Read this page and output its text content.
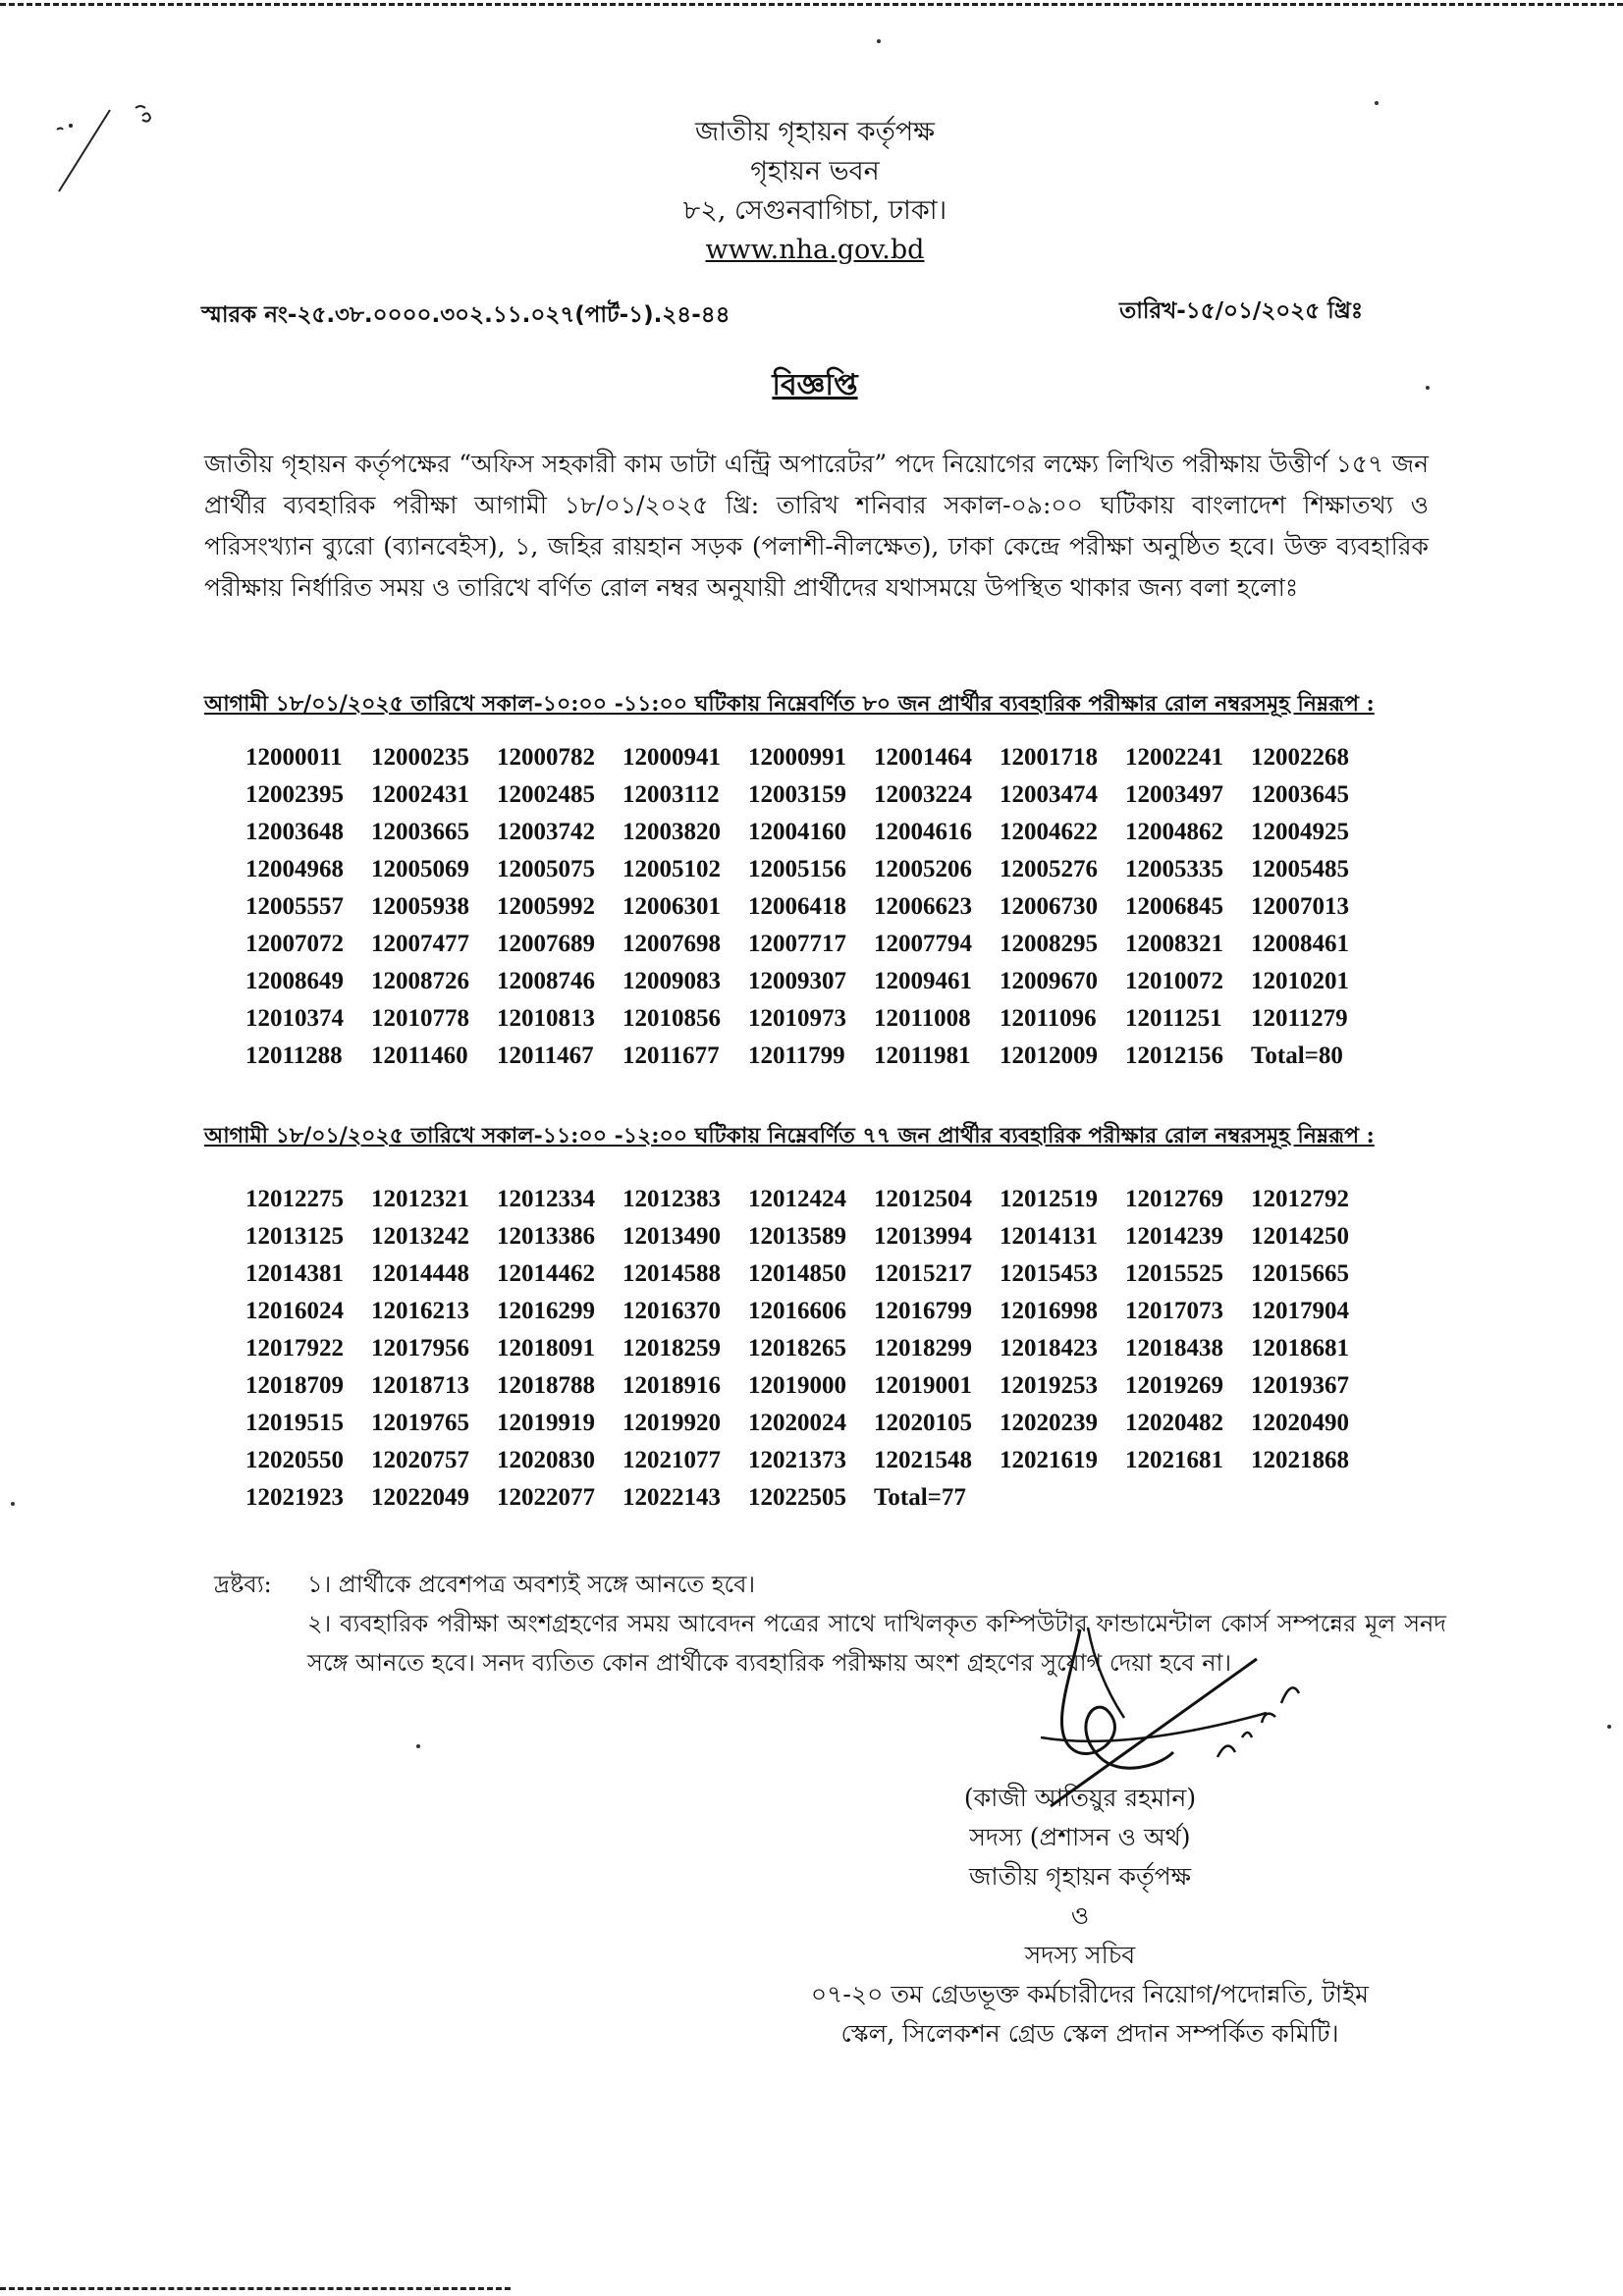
জাতীয় গৃহায়ন কর্তৃপক্ষ
গৃহায়ন ভবন
৮২, সেগুনবাগিচা, ঢাকা।
www.nha.gov.bd
স্মারক নং-২৫.৩৮.০০০০.৩০২.১১.০২৭(পার্ট-১).২৪-৪৪	তারিখ-১৫/০১/২০২৫ খ্রিঃ
বিজ্ঞপ্তি
জাতীয় গৃহায়ন কর্তৃপক্ষের “অফিস সহকারী কাম ডাটা এন্ট্রি অপারেটর” পদে নিয়োগের লক্ষ্যে লিখিত পরীক্ষায় উত্তীর্ণ ১৫৭ জন প্রার্থীর ব্যবহারিক পরীক্ষা আগামী ১৮/০১/২০২৫ খ্রি: তারিখ শনিবার সকাল-০৯:০০ ঘটিকায় বাংলাদেশ শিক্ষাতথ্য ও পরিসংখ্যান ব্যুরো (ব্যানবেইস), ১, জহির রায়হান সড়ক (পলাশী-নীলক্ষেত), ঢাকা কেন্দ্রে পরীক্ষা অনুষ্ঠিত হবে। উক্ত ব্যবহারিক পরীক্ষায় নির্ধারিত সময় ও তারিখে বর্ণিত রোল নম্বর অনুযায়ী প্রার্থীদের যথাসময়ে উপস্থিত থাকার জন্য বলা হলোঃ
আগামী ১৮/০১/২০২৫ তারিখে সকাল-১০:০০ -১১:০০ ঘটিকায় নিম্নেবর্ণিত ৮০ জন প্রার্থীর ব্যবহারিক পরীক্ষার রোল নম্বরসমূহ নিম্নরূপ :
12000011	12000235	12000782	12000941	12000991	12001464	12001718	12002241	12002268
12002395	12002431	12002485	12003112	12003159	12003224	12003474	12003497	12003645
12003648	12003665	12003742	12003820	12004160	12004616	12004622	12004862	12004925
12004968	12005069	12005075	12005102	12005156	12005206	12005276	12005335	12005485
12005557	12005938	12005992	12006301	12006418	12006623	12006730	12006845	12007013
12007072	12007477	12007689	12007698	12007717	12007794	12008295	12008321	12008461
12008649	12008726	12008746	12009083	12009307	12009461	12009670	12010072	12010201
12010374	12010778	12010813	12010856	12010973	12011008	12011096	12011251	12011279
12011288	12011460	12011467	12011677	12011799	12011981	12012009	12012156	Total=80
আগামী ১৮/০১/২০২৫ তারিখে সকাল-১১:০০ -১২:০০ ঘটিকায় নিম্নেবর্ণিত ৭৭ জন প্রার্থীর ব্যবহারিক পরীক্ষার রোল নম্বরসমূহ নিম্নরূপ :
12012275	12012321	12012334	12012383	12012424	12012504	12012519	12012769	12012792
12013125	12013242	12013386	12013490	12013589	12013994	12014131	12014239	12014250
12014381	12014448	12014462	12014588	12014850	12015217	12015453	12015525	12015665
12016024	12016213	12016299	12016370	12016606	12016799	12016998	12017073	12017904
12017922	12017956	12018091	12018259	12018265	12018299	12018423	12018438	12018681
12018709	12018713	12018788	12018916	12019000	12019001	12019253	12019269	12019367
12019515	12019765	12019919	12019920	12020024	12020105	12020239	12020482	12020490
12020550	12020757	12020830	12021077	12021373	12021548	12021619	12021681	12021868
12021923	12022049	12022077	12022143	12022505	Total=77
দ্রষ্টব্য: ১। প্রার্থীকে প্রবেশপত্র অবশ্যই সঙ্গে আনতে হবে।
২। ব্যবহারিক পরীক্ষা অংশগ্রহণের সময় আবেদন পত্রের সাথে দাখিলকৃত কম্পিউটার ফান্ডামেন্টাল কোর্স সম্পন্নের মূল সনদ সঙ্গে আনতে হবে। সনদ ব্যতিত কোন প্রার্থীকে ব্যবহারিক পরীক্ষায় অংশ গ্রহণের সুযোগ দেয়া হবে না।
(কাজী আতিয়ুর রহমান)
সদস্য (প্রশাসন ও অর্থ)
জাতীয় গৃহায়ন কর্তৃপক্ষ
ও
সদস্য সচিব
০৭-২০ তম গ্রেডভূক্ত কর্মচারীদের নিয়োগ/পদোন্নতি, টাইম
স্কেল, সিলেকশন গ্রেড স্কেল প্রদান সম্পর্কিত কমিটি।
